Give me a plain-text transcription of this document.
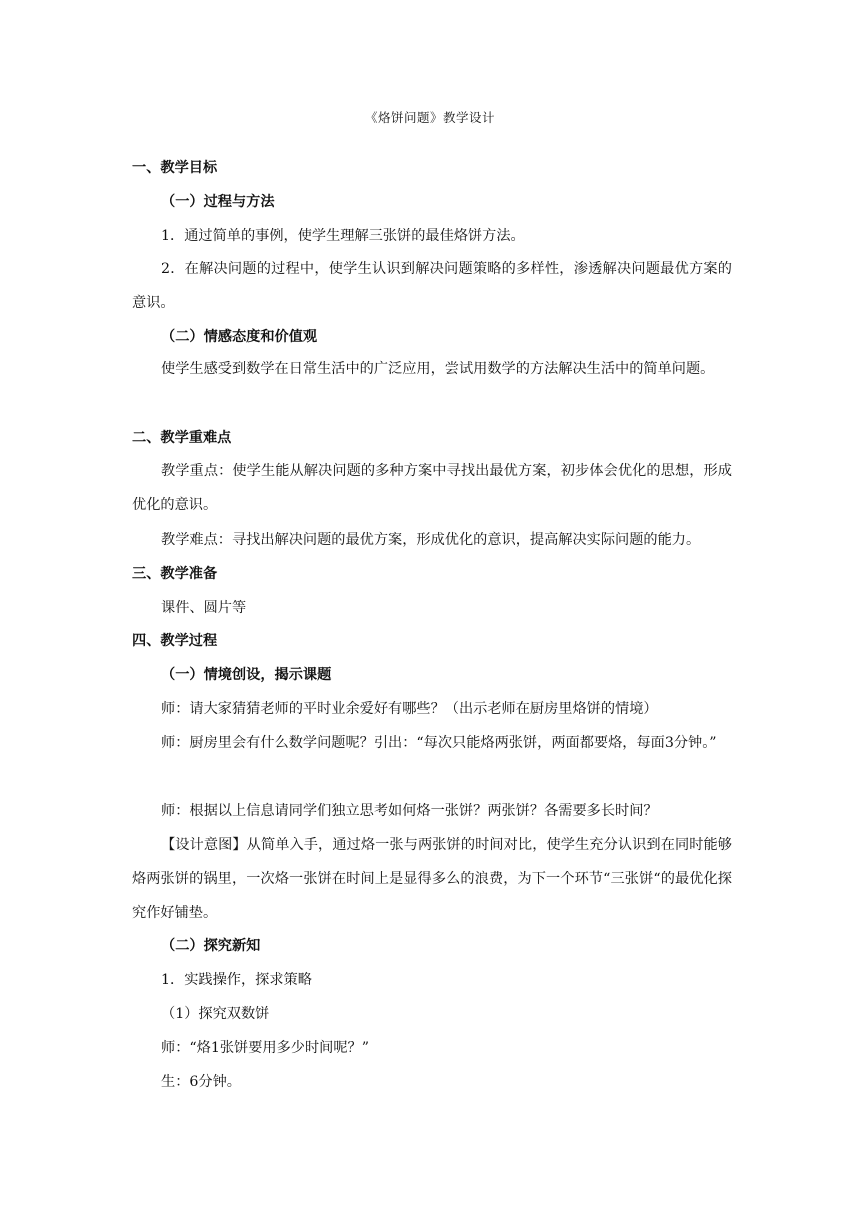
《烙饼问题》教学设计

一、教学目标

（一）过程与方法

1．通过简单的事例，使学生理解三张饼的最佳烙饼方法。

2．在解决问题的过程中，使学生认识到解决问题策略的多样性，渗透解决问题最优方案的意识。

（二）情感态度和价值观

使学生感受到数学在日常生活中的广泛应用，尝试用数学的方法解决生活中的简单问题。

二、教学重难点

教学重点：使学生能从解决问题的多种方案中寻找出最优方案，初步体会优化的思想，形成优化的意识。

教学难点：寻找出解决问题的最优方案，形成优化的意识，提高解决实际问题的能力。

三、教学准备

课件、圆片等

四、教学过程

（一）情境创设，揭示课题

师：请大家猜猜老师的平时业余爱好有哪些？（出示老师在厨房里烙饼的情境）

师：厨房里会有什么数学问题呢？引出：“每次只能烙两张饼，两面都要烙，每面3分钟。”

师：根据以上信息请同学们独立思考如何烙一张饼？两张饼？各需要多长时间？

【设计意图】从简单入手，通过烙一张与两张饼的时间对比，使学生充分认识到在同时能够烙两张饼的锅里，一次烙一张饼在时间上是显得多么的浪费，为下一个环节“三张饼“的最优化探究作好铺垫。

（二）探究新知

1．实践操作，探求策略

（1）探究双数饼

师：“烙1张饼要用多少时间呢？”

生：6分钟。
